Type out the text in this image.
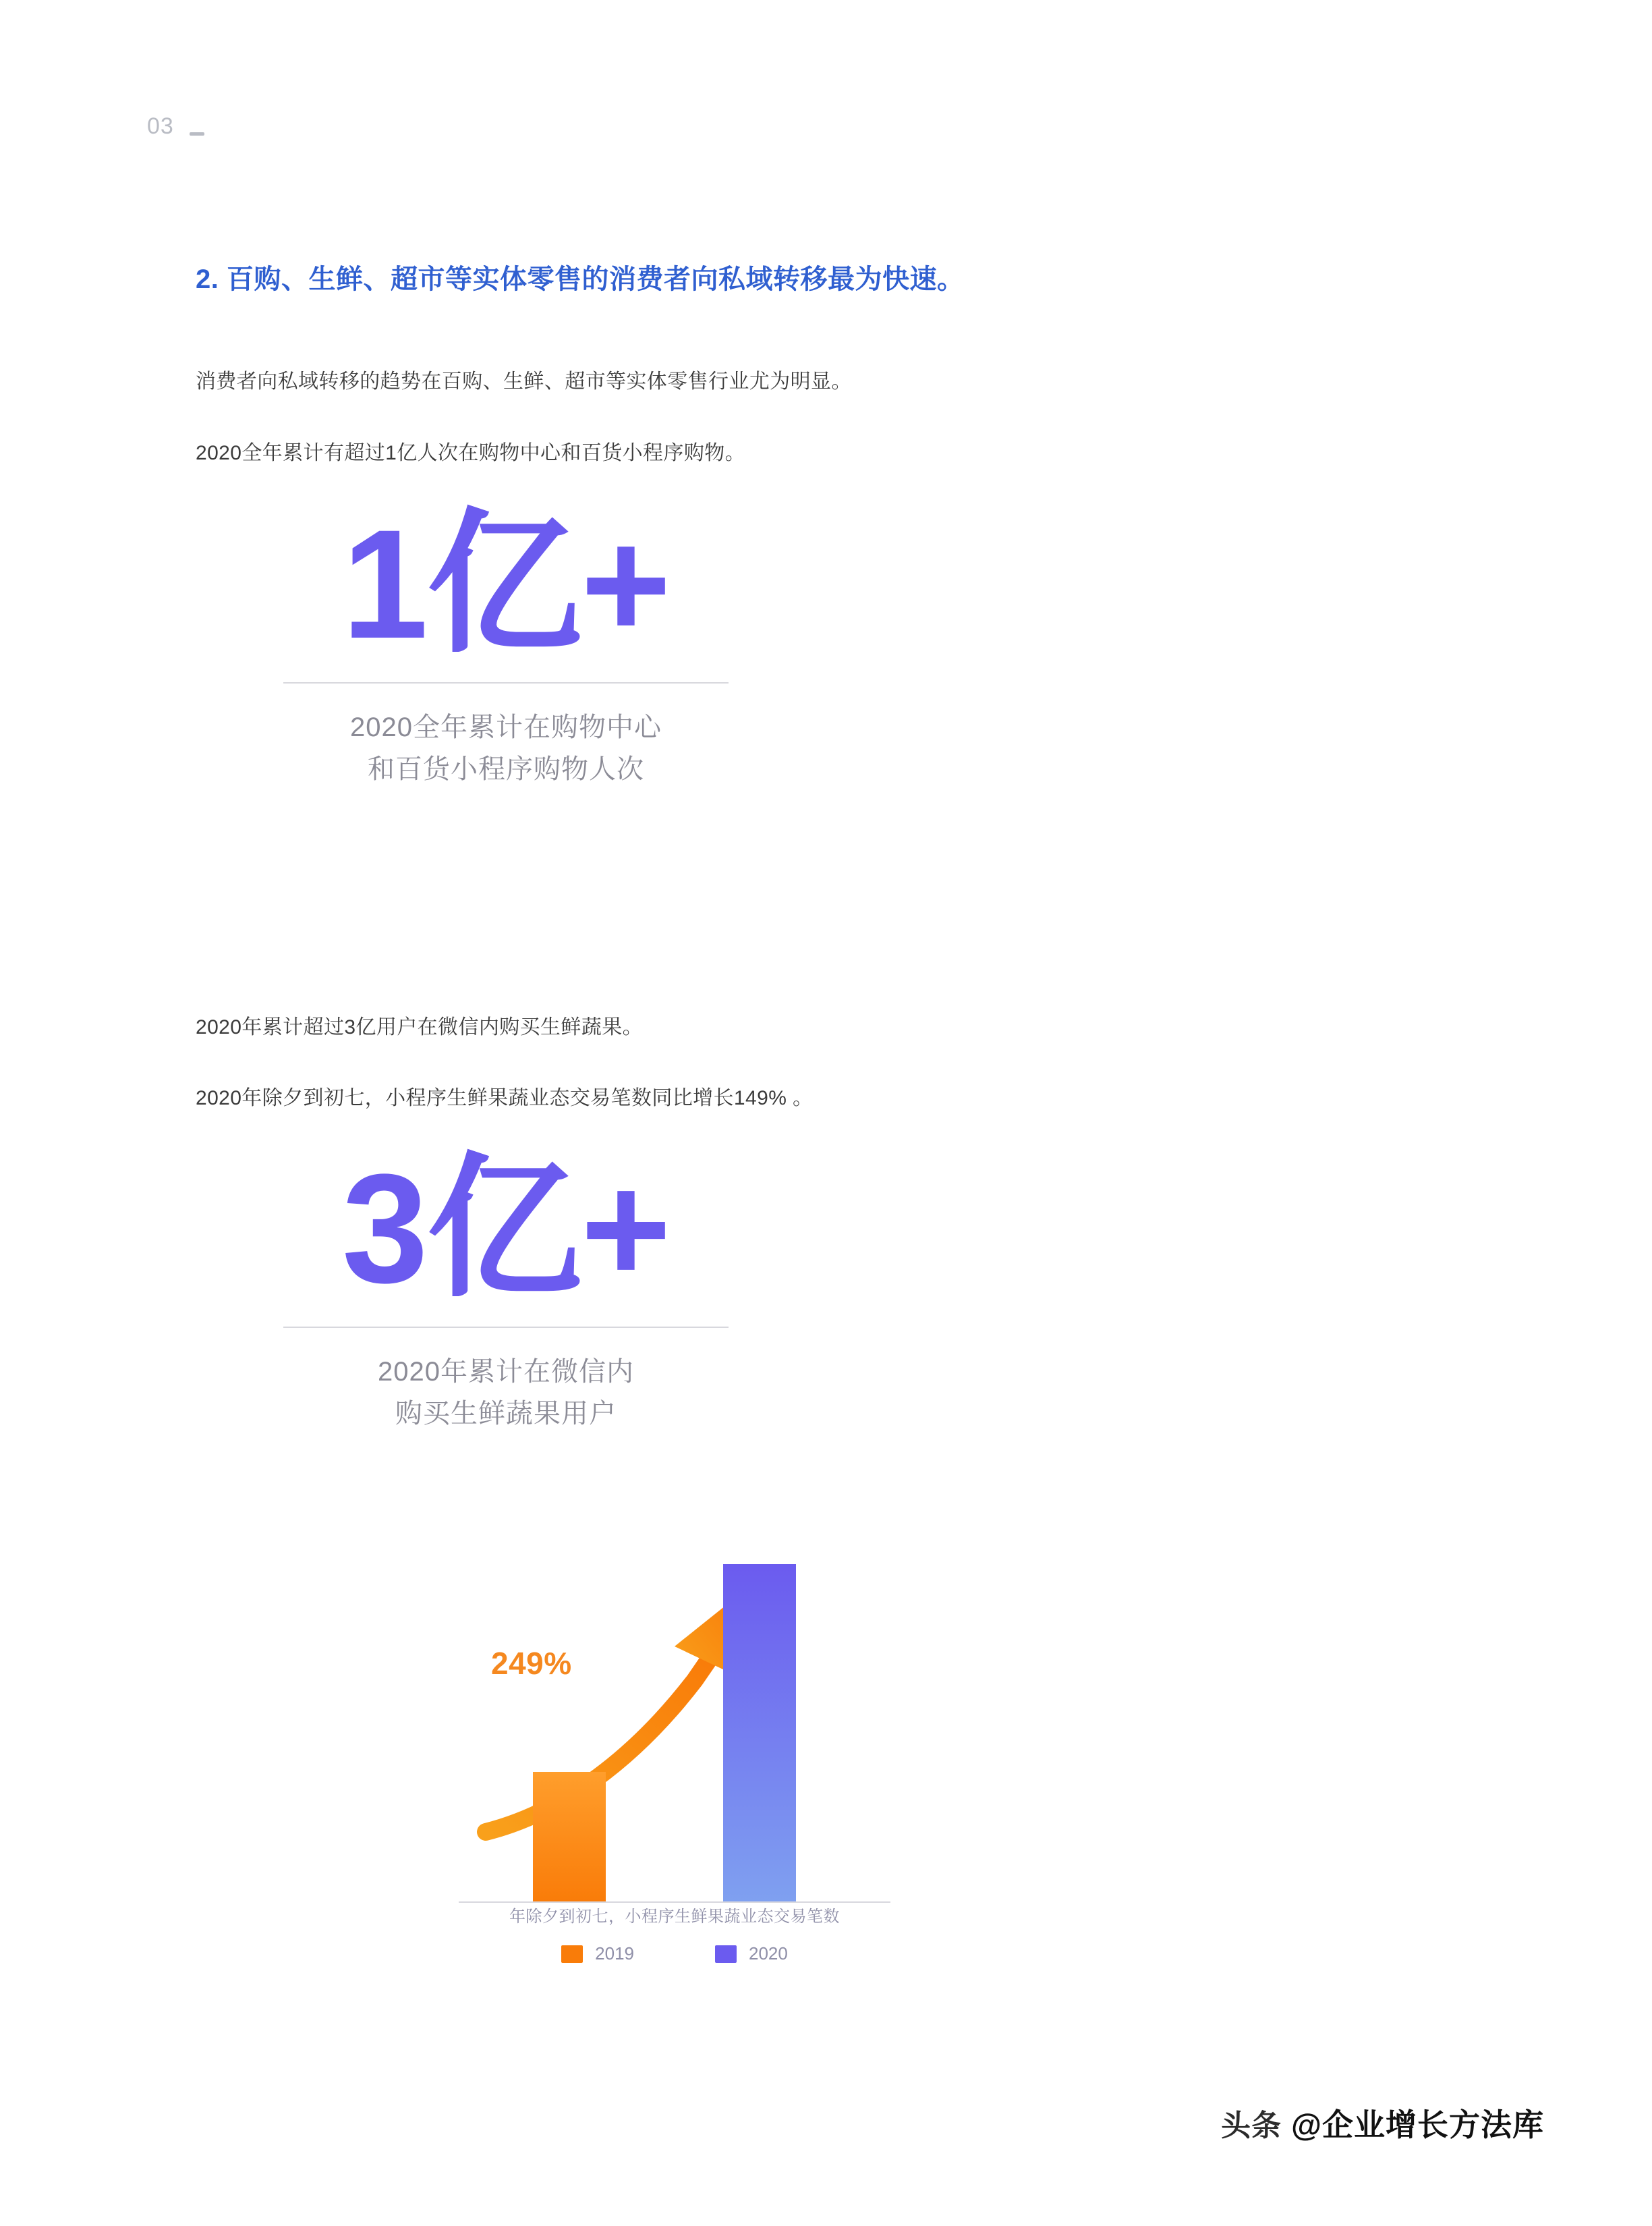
03
2. 百购、生鲜、超市等实体零售的消费者向私域转移最为快速。
消费者向私域转移的趋势在百购、生鲜、超市等实体零售行业尤为明显。
2020全年累计有超过1亿人次在购物中心和百货小程序购物。
1亿+
2020全年累计在购物中心
和百货小程序购物人次
2020年累计超过3亿用户在微信内购买生鲜蔬果。
2020年除夕到初七，小程序生鲜果蔬业态交易笔数同比增长149% 。
3亿+
2020年累计在微信内
购买生鲜蔬果用户
249%
年除夕到初七，小程序生鲜果蔬业态交易笔数
2019	2020
头条 @企业增长方法库
